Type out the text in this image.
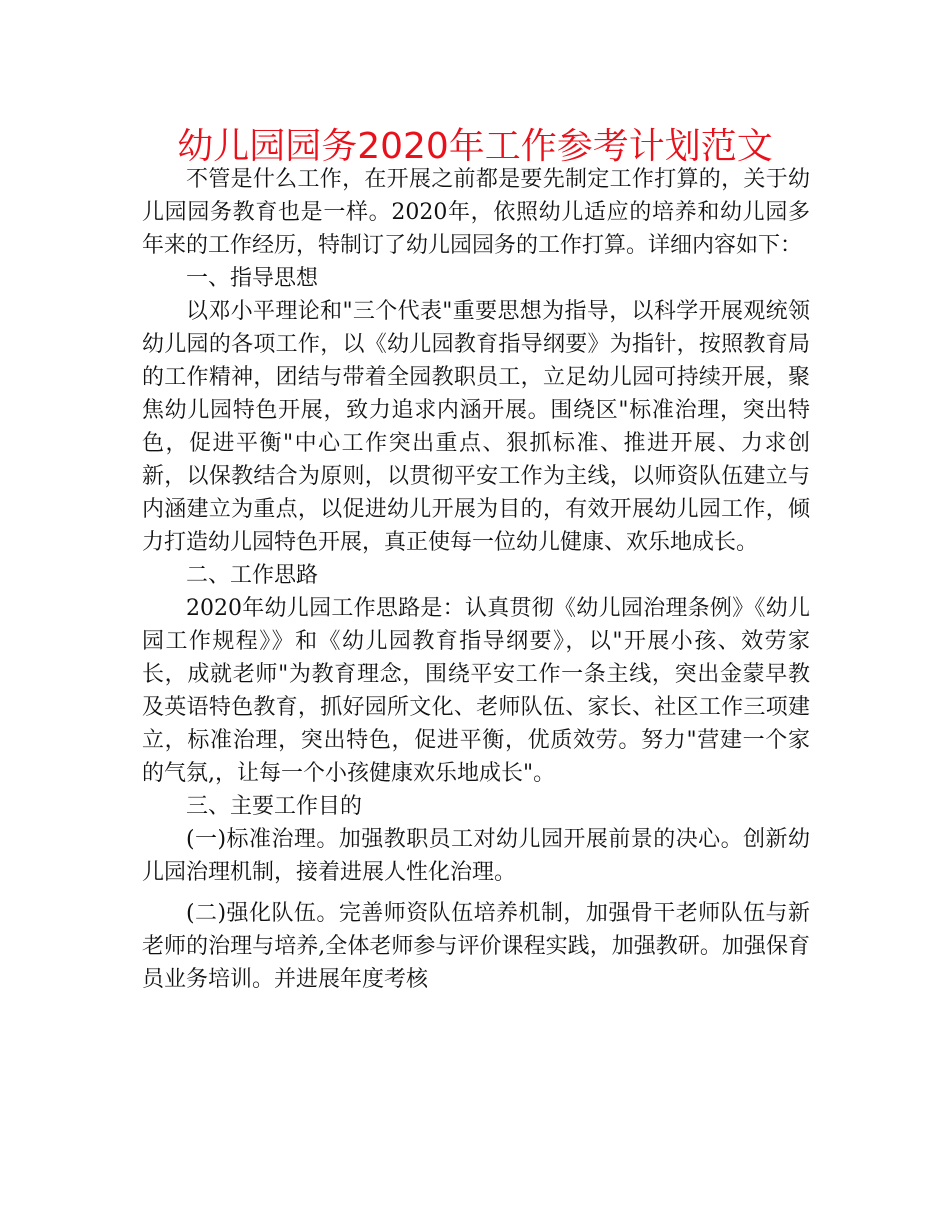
幼儿园园务2020年工作参考计划范文

不管是什么工作，在开展之前都是要先制定工作打算的，关于幼儿园园务教育也是一样。2020年，依照幼儿适应的培养和幼儿园多年来的工作经历，特制订了幼儿园园务的工作打算。详细内容如下：

一、指导思想

以邓小平理论和"三个代表"重要思想为指导，以科学开展观统领幼儿园的各项工作，以《幼儿园教育指导纲要》为指针，按照教育局的工作精神，团结与带着全园教职员工，立足幼儿园可持续开展，聚焦幼儿园特色开展，致力追求内涵开展。围绕区"标准治理，突出特色，促进平衡"中心工作突出重点、狠抓标准、推进开展、力求创新，以保教结合为原则，以贯彻平安工作为主线，以师资队伍建立与内涵建立为重点，以促进幼儿开展为目的，有效开展幼儿园工作，倾力打造幼儿园特色开展，真正使每一位幼儿健康、欢乐地成长。

二、工作思路

2020年幼儿园工作思路是：认真贯彻《幼儿园治理条例》《幼儿园工作规程》》和《幼儿园教育指导纲要》，以"开展小孩、效劳家长，成就老师"为教育理念，围绕平安工作一条主线，突出金蒙早教及英语特色教育，抓好园所文化、老师队伍、家长、社区工作三项建立，标准治理，突出特色，促进平衡，优质效劳。努力"营建一个家的气氛,，让每一个小孩健康欢乐地成长"。

三、主要工作目的

(一)标准治理。加强教职员工对幼儿园开展前景的决心。创新幼儿园治理机制，接着进展人性化治理。

(二)强化队伍。完善师资队伍培养机制，加强骨干老师队伍与新老师的治理与培养,全体老师参与评价课程实践，加强教研。加强保育员业务培训。并进展年度考核
